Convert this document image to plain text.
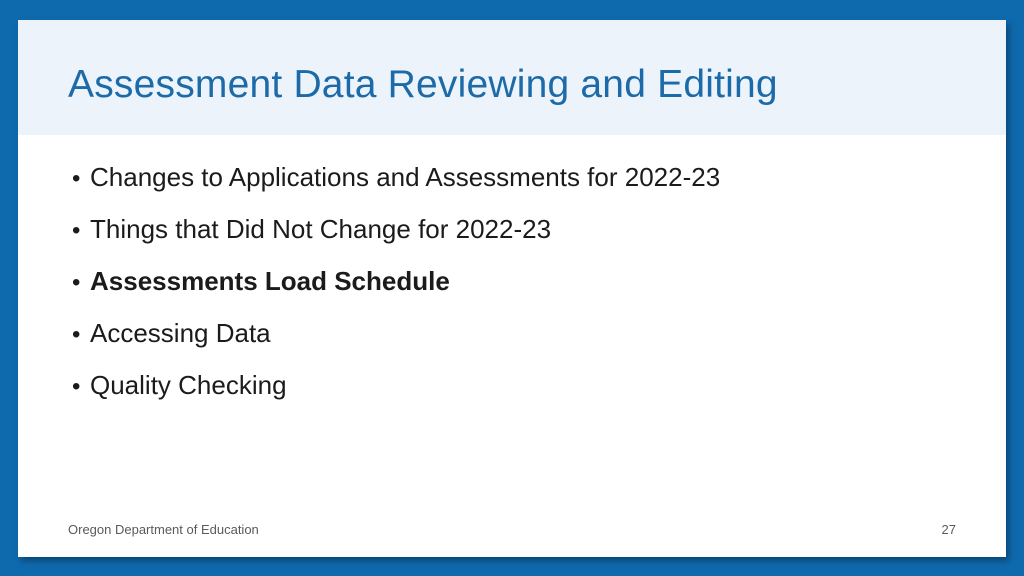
Assessment Data Reviewing and Editing
• Changes to Applications and Assessments for 2022-23
• Things that Did Not Change for 2022-23
• Assessments Load Schedule
• Accessing Data
• Quality Checking
Oregon Department of Education	27
